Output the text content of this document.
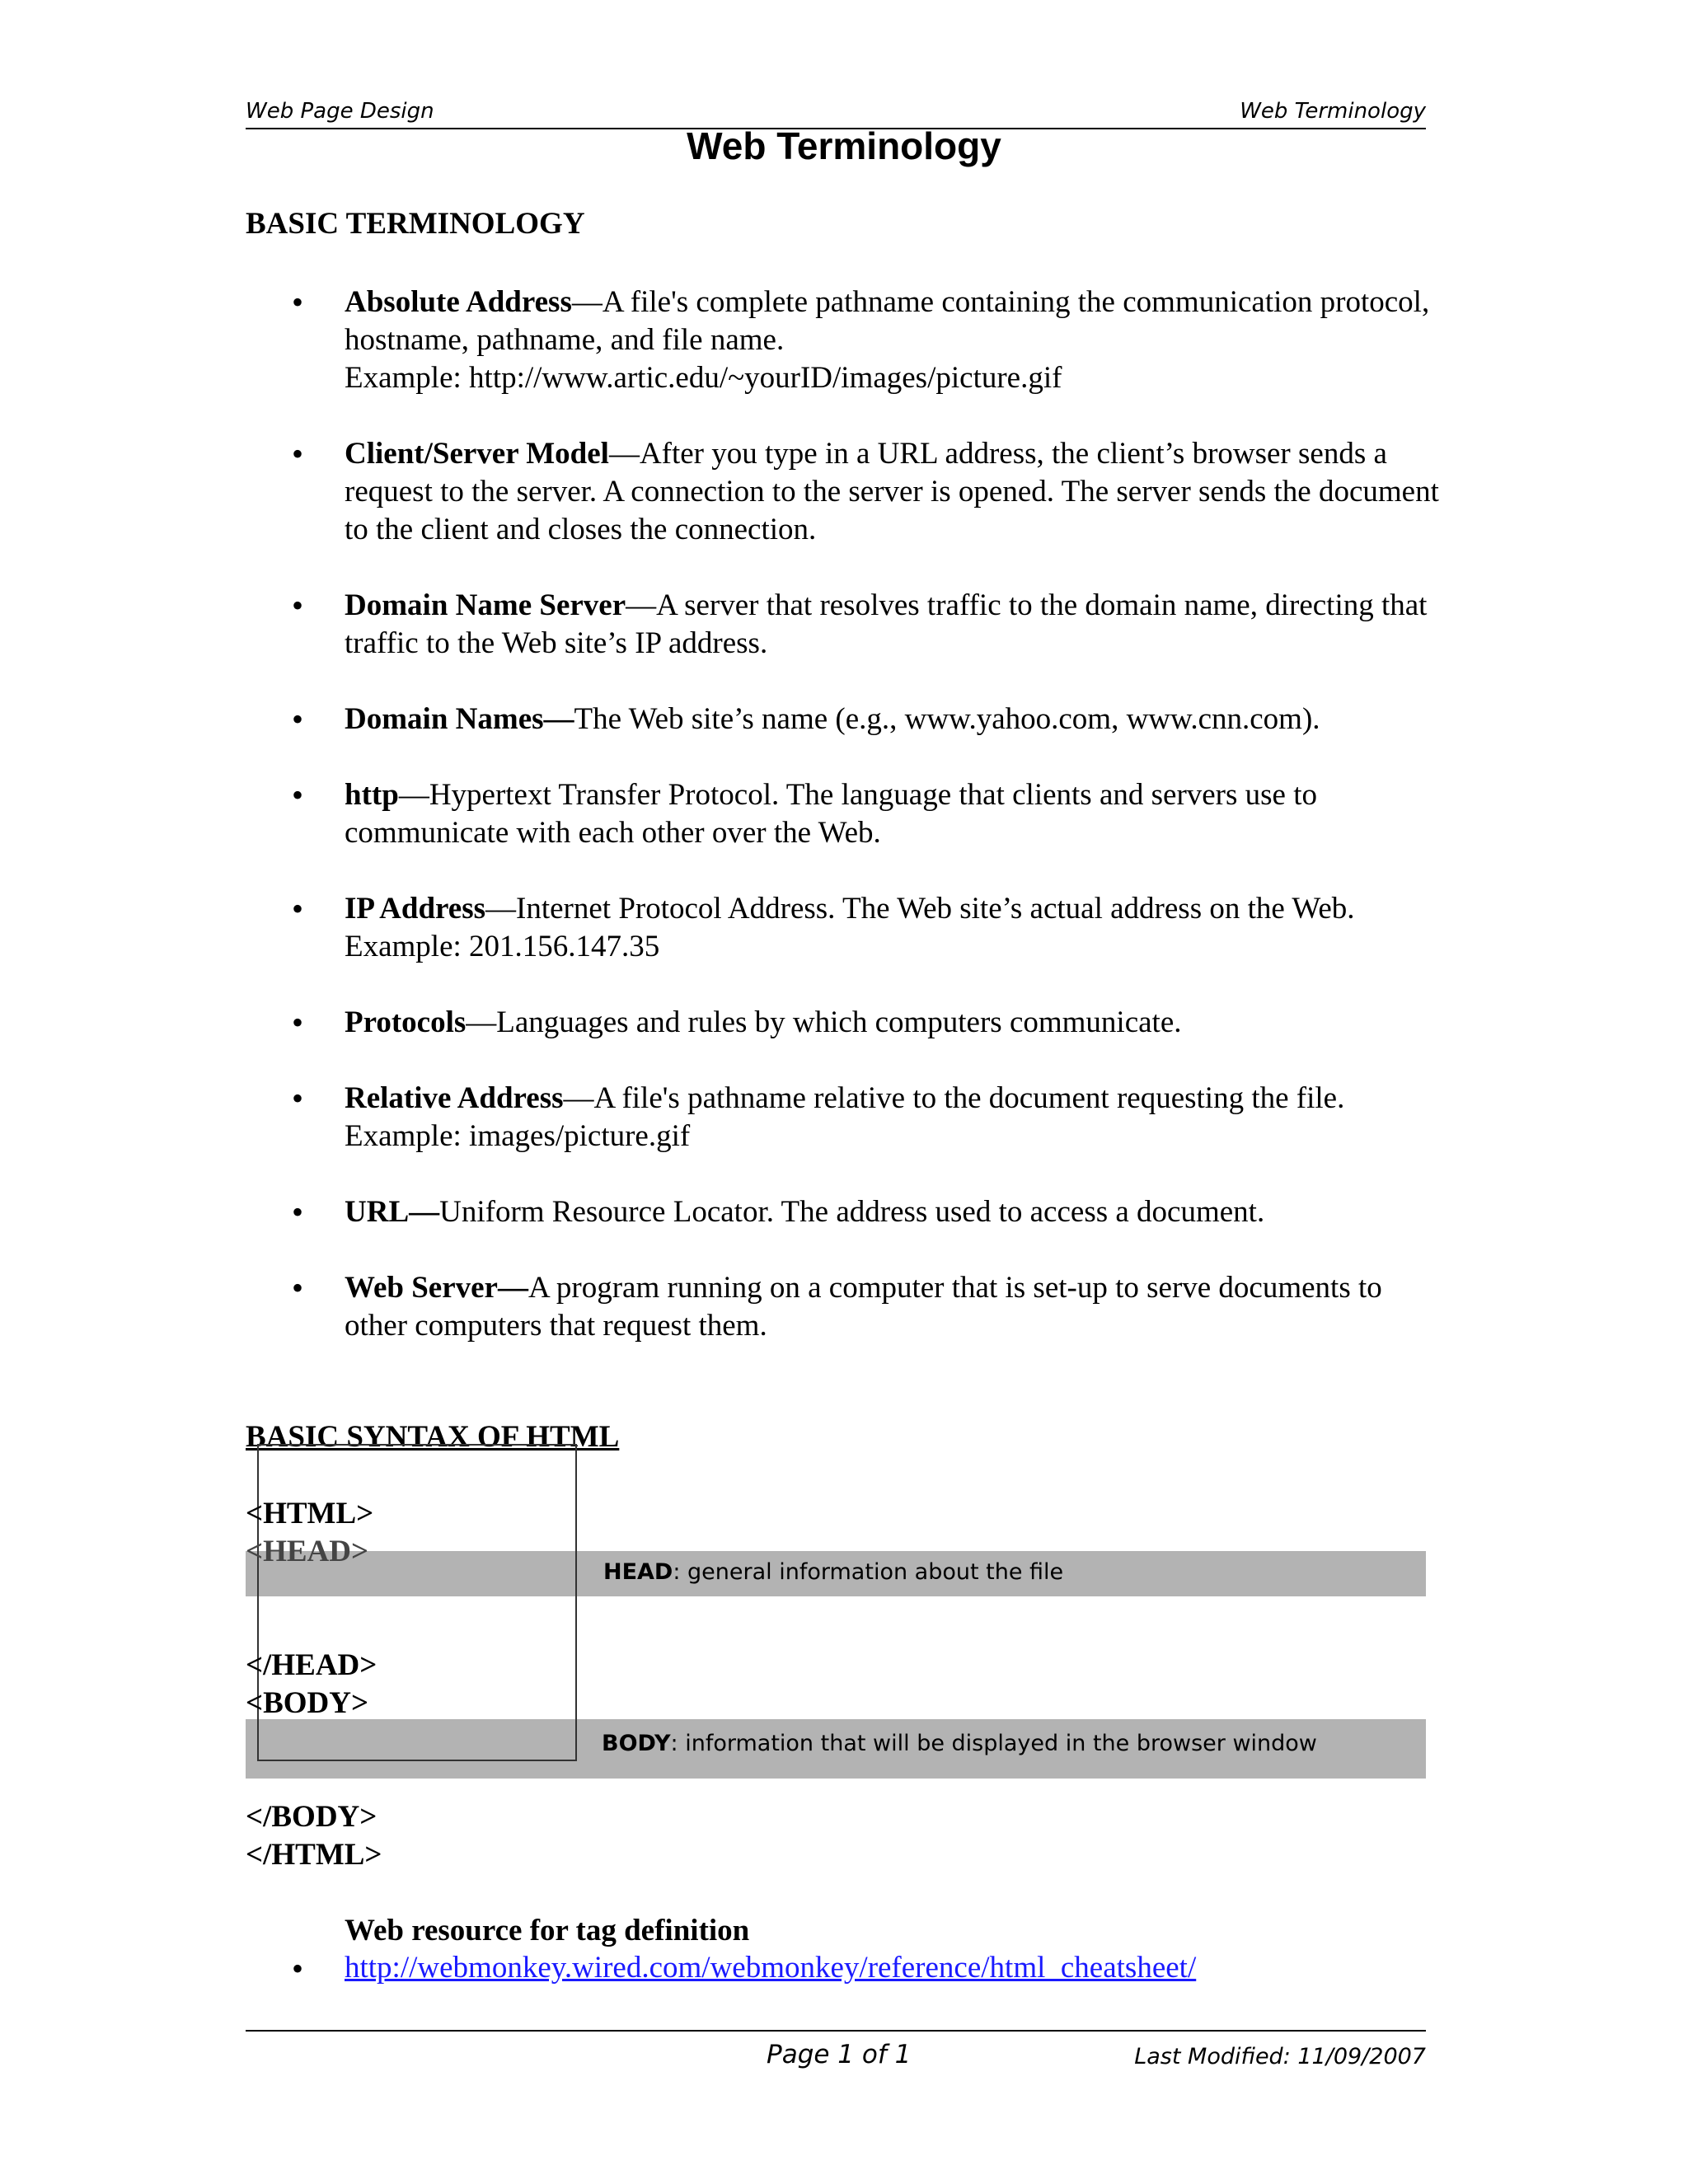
Web Page Design	Web Terminology
Web Terminology
BASIC TERMINOLOGY
• Absolute Address—A file's complete pathname containing the communication protocol, hostname, pathname, and file name.
Example: http://www.artic.edu/~yourID/images/picture.gif
• Client/Server Model—After you type in a URL address, the client’s browser sends a request to the server. A connection to the server is opened. The server sends the document to the client and closes the connection.
• Domain Name Server—A server that resolves traffic to the domain name, directing that traffic to the Web site’s IP address.
• Domain Names—The Web site’s name (e.g., www.yahoo.com, www.cnn.com).
• http—Hypertext Transfer Protocol. The language that clients and servers use to communicate with each other over the Web.
• IP Address—Internet Protocol Address. The Web site’s actual address on the Web. Example: 201.156.147.35
• Protocols—Languages and rules by which computers communicate.
• Relative Address—A file's pathname relative to the document requesting the file.
Example: images/picture.gif
• URL—Uniform Resource Locator. The address used to access a document.
• Web Server—A program running on a computer that is set-up to serve documents to other computers that request them.
BASIC SYNTAX OF HTML
HEAD: general information about the file
BODY: information that will be displayed in the browser window
<HTML>
<HEAD>
</HEAD>
<BODY>
</BODY>
</HTML>
Web resource for tag definition
• http://webmonkey.wired.com/webmonkey/reference/html_cheatsheet/
Page 1 of 1	Last Modified: 11/09/2007
